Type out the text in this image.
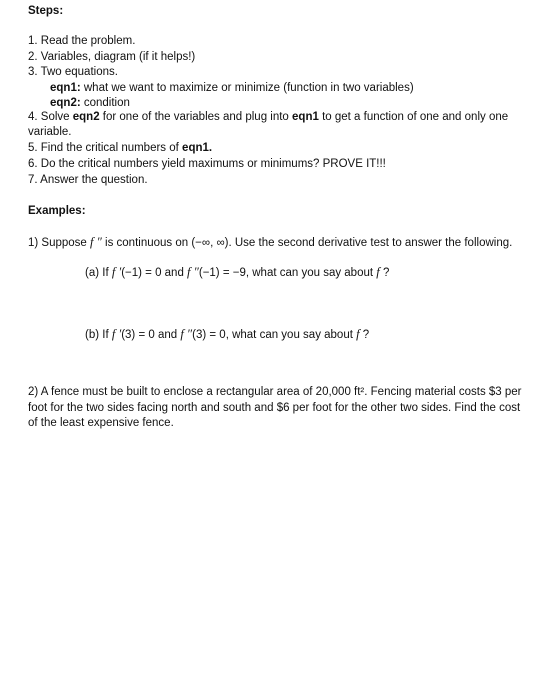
Steps:
1. Read the problem.
2. Variables, diagram (if it helps!)
3. Two equations.
eqn1: what we want to maximize or minimize (function in two variables)
eqn2: condition
4. Solve eqn2 for one of the variables and plug into eqn1 to get a function of one and only one variable.
5. Find the critical numbers of eqn1.
6. Do the critical numbers yield maximums or minimums? PROVE IT!!!
7. Answer the question.
Examples:
1) Suppose f ″ is continuous on (−∞, ∞). Use the second derivative test to answer the following.
(a) If f ′(−1) = 0 and f ″(−1) = −9, what can you say about f ?
(b) If f ′(3) = 0 and f ″(3) = 0, what can you say about f ?
2) A fence must be built to enclose a rectangular area of 20,000 ft². Fencing material costs $3 per foot for the two sides facing north and south and $6 per foot for the other two sides. Find the cost of the least expensive fence.
